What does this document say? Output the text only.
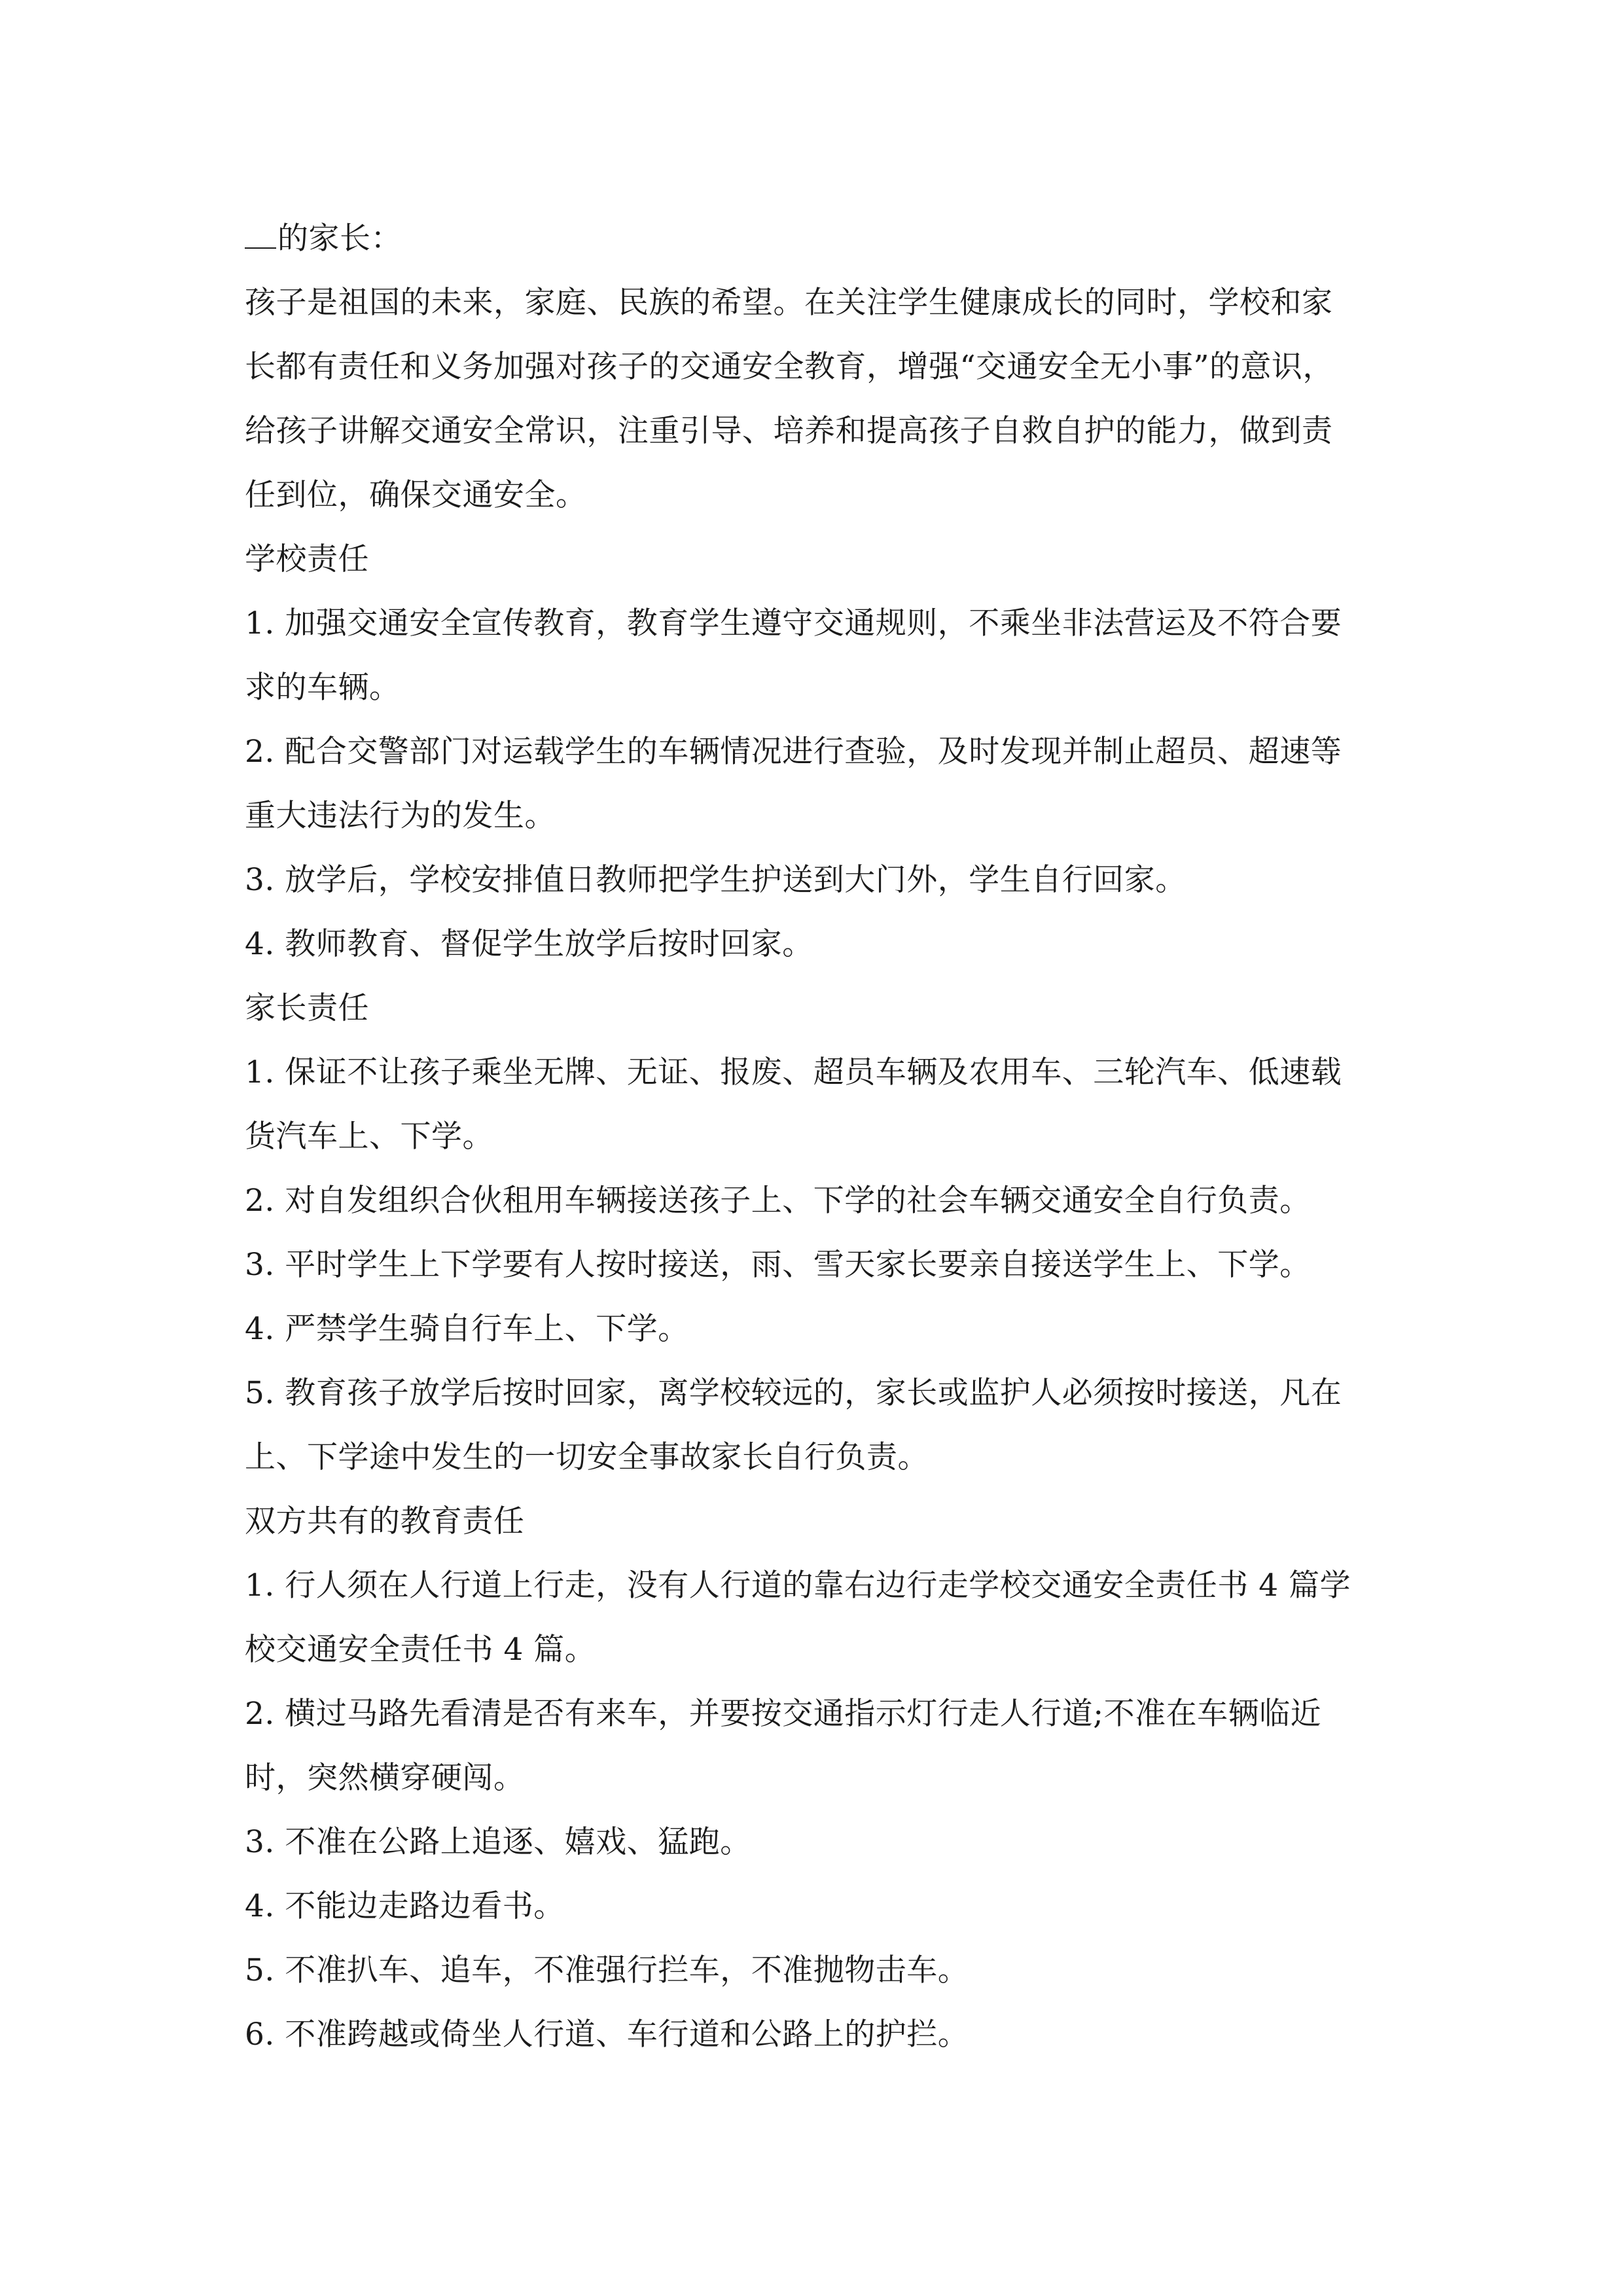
的家长：
孩子是祖国的未来，家庭、民族的希望。在关注学生健康成长的同时，学校和家
长都有责任和义务加强对孩子的交通安全教育，增强“交通安全无小事”的意识，
给孩子讲解交通安全常识，注重引导、培养和提高孩子自救自护的能力，做到责
任到位，确保交通安全。
学校责任
1. 加强交通安全宣传教育，教育学生遵守交通规则，不乘坐非法营运及不符合要
求的车辆。
2. 配合交警部门对运载学生的车辆情况进行查验，及时发现并制止超员、超速等
重大违法行为的发生。
3. 放学后，学校安排值日教师把学生护送到大门外，学生自行回家。
4. 教师教育、督促学生放学后按时回家。
家长责任
1. 保证不让孩子乘坐无牌、无证、报废、超员车辆及农用车、三轮汽车、低速载
货汽车上、下学。
2. 对自发组织合伙租用车辆接送孩子上、下学的社会车辆交通安全自行负责。
3. 平时学生上下学要有人按时接送，雨、雪天家长要亲自接送学生上、下学。
4. 严禁学生骑自行车上、下学。
5. 教育孩子放学后按时回家，离学校较远的，家长或监护人必须按时接送，凡在
上、下学途中发生的一切安全事故家长自行负责。
双方共有的教育责任
1. 行人须在人行道上行走，没有人行道的靠右边行走学校交通安全责任书 4 篇学
校交通安全责任书 4 篇。
2. 横过马路先看清是否有来车，并要按交通指示灯行走人行道;不准在车辆临近
时，突然横穿硬闯。
3. 不准在公路上追逐、嬉戏、猛跑。
4. 不能边走路边看书。
5. 不准扒车、追车，不准强行拦车，不准抛物击车。
6. 不准跨越或倚坐人行道、车行道和公路上的护拦。
